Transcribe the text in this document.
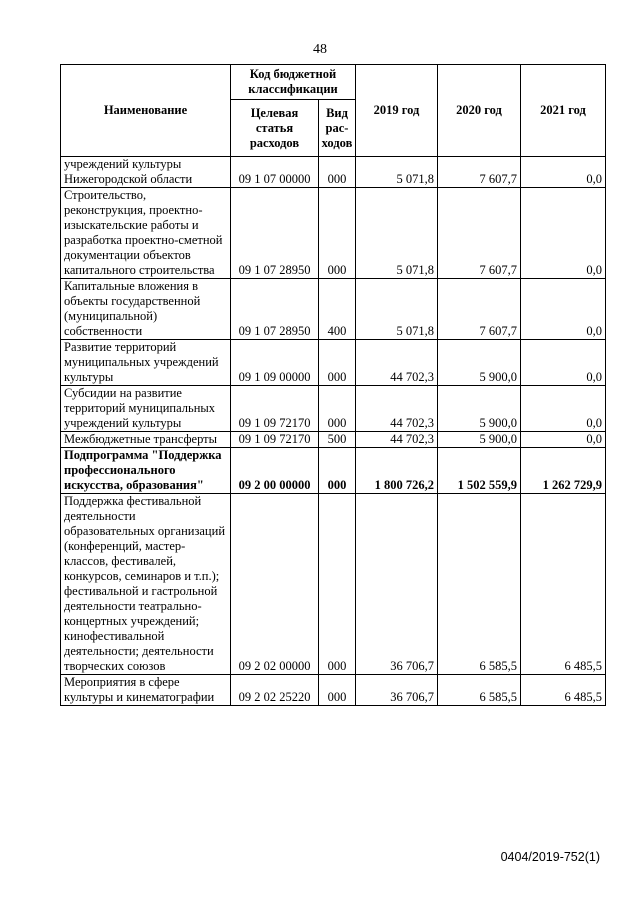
48
Наименование	Код бюджетной классификации		2019 год	2020 год	2021 год
	Целевая статья расходов	Вид рас- ходов			
учреждений культуры Нижегородской области	09 1 07 00000	000	5 071,8	7 607,7	0,0
Строительство, реконструкция, проектно-изыскательские работы и разработка проектно-сметной документации объектов капитального строительства	09 1 07 28950	000	5 071,8	7 607,7	0,0
Капитальные вложения в объекты государственной (муниципальной) собственности	09 1 07 28950	400	5 071,8	7 607,7	0,0
Развитие территорий муниципальных учреждений культуры	09 1 09 00000	000	44 702,3	5 900,0	0,0
Субсидии на развитие территорий муниципальных учреждений культуры	09 1 09 72170	000	44 702,3	5 900,0	0,0
Межбюджетные трансферты	09 1 09 72170	500	44 702,3	5 900,0	0,0
Подпрограмма "Поддержка профессионального искусства, образования"	09 2 00 00000	000	1 800 726,2	1 502 559,9	1 262 729,9
Поддержка фестивальной деятельности образовательных организаций (конференций, мастер-классов, фестивалей, конкурсов, семинаров и т.п.); фестивальной и гастрольной деятельности театрально-концертных учреждений; кинофестивальной деятельности; деятельности творческих союзов	09 2 02 00000	000	36 706,7	6 585,5	6 485,5
Мероприятия в сфере культуры и кинематографии	09 2 02 25220	000	36 706,7	6 585,5	6 485,5
0404/2019-752(1)
